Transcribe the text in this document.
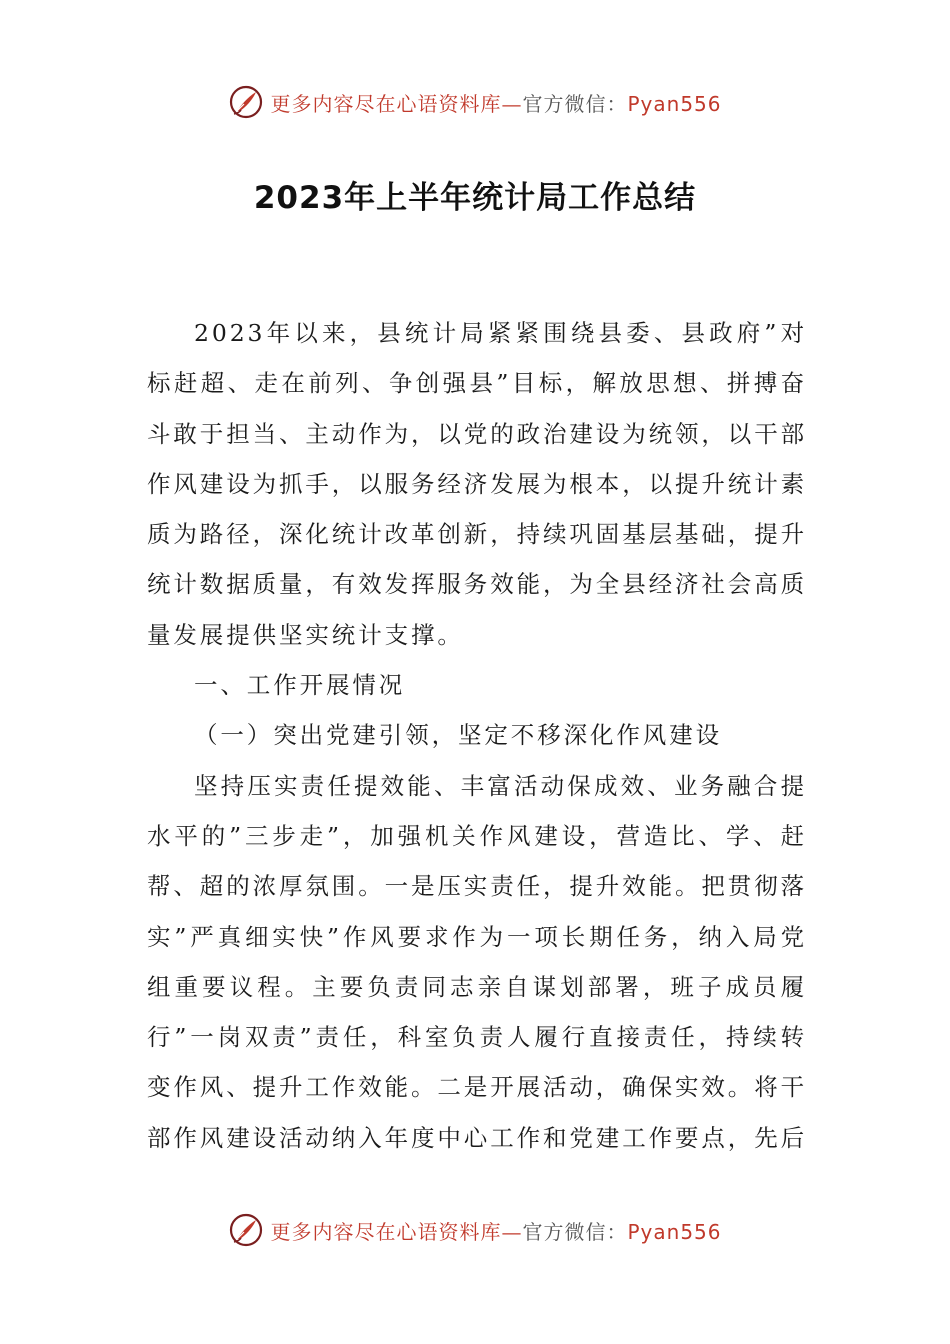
更多内容尽在心语资料库—官方微信：Pyan556
2023年上半年统计局工作总结

2023年以来，县统计局紧紧围绕县委、县政府”对标赶超、走在前列、争创强县”目标，解放思想、拼搏奋斗敢于担当、主动作为，以党的政治建设为统领，以干部作风建设为抓手，以服务经济发展为根本，以提升统计素质为路径，深化统计改革创新，持续巩固基层基础，提升统计数据质量，有效发挥服务效能，为全县经济社会高质量发展提供坚实统计支撑。

一、工作开展情况

（一）突出党建引领，坚定不移深化作风建设

坚持压实责任提效能、丰富活动保成效、业务融合提水平的”三步走”，加强机关作风建设，营造比、学、赶帮、超的浓厚氛围。一是压实责任，提升效能。把贯彻落实”严真细实快”作风要求作为一项长期任务，纳入局党组重要议程。主要负责同志亲自谋划部署，班子成员履行”一岗双责”责任，科室负责人履行直接责任，持续转变作风、提升工作效能。二是开展活动，确保实效。将干部作风建设活动纳入年度中心工作和党建工作要点，先后

更多内容尽在心语资料库—官方微信：Pyan556
